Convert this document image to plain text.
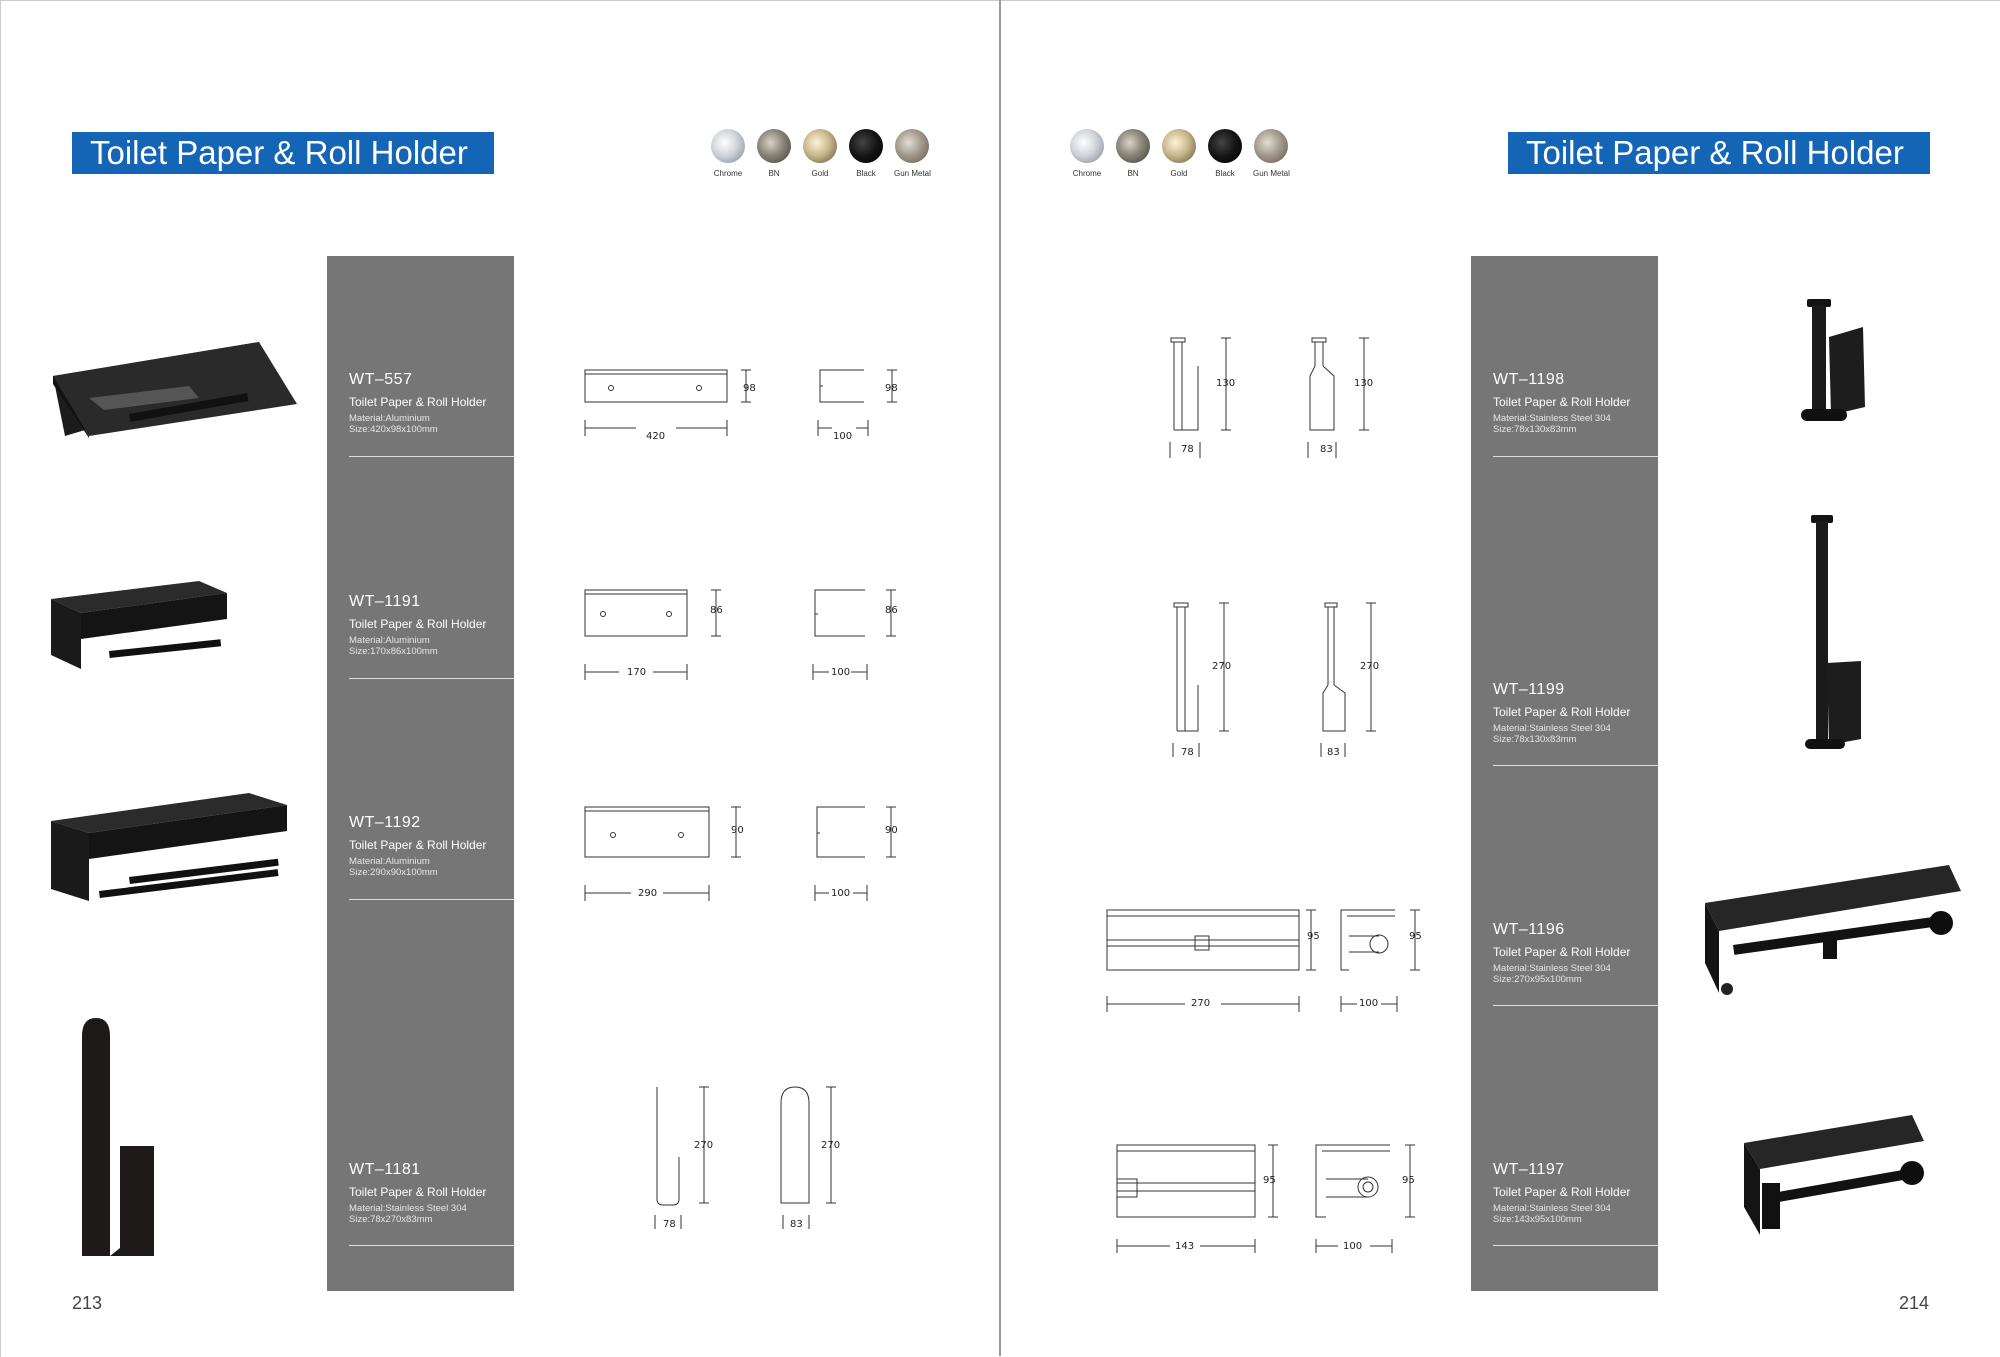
Toilet Paper & Roll Holder
Chrome	BN	Gold	Black	Gun Metal
WT–557
Toilet Paper & Roll Holder
Material:Aluminium
Size:420x98x100mm
WT–1191
Toilet Paper & Roll Holder
Material:Aluminium
Size:170x86x100mm
WT–1192
Toilet Paper & Roll Holder
Material:Aluminium
Size:290x90x100mm
WT–1181
Toilet Paper & Roll Holder
Material:Stainless Steel 304
Size:78x270x83mm
98
420
98
100
86
170
86
100
90
290
90
100
270
78
270
83
213
Toilet Paper & Roll Holder
Chrome	BN	Gold	Black	Gun Metal
WT–1198
Toilet Paper & Roll Holder
Material:Stainless Steel 304
Size:78x130x83mm
WT–1199
Toilet Paper & Roll Holder
Material:Stainless Steel 304
Size:78x130x83mm
WT–1196
Toilet Paper & Roll Holder
Material:Stainless Steel 304
Size:270x95x100mm
WT–1197
Toilet Paper & Roll Holder
Material:Stainless Steel 304
Size:143x95x100mm
130
78
130
83
270
78
270
83
95
270
95
100
95
143
95
100
214
